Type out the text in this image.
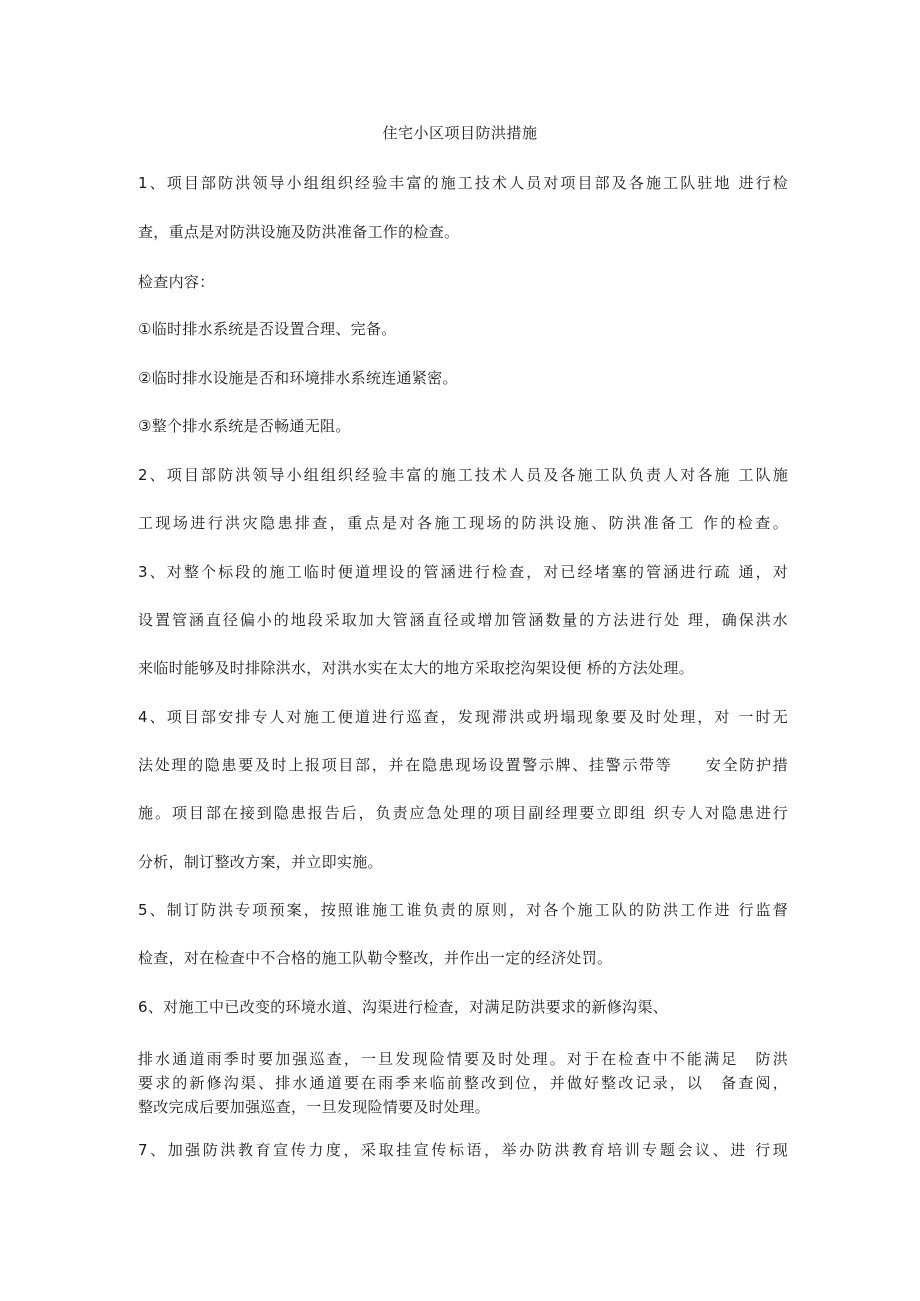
住宅小区项目防洪措施
1、项目部防洪领导小组组织经验丰富的施工技术人员对项目部及各施工队驻地 进行检
查，重点是对防洪设施及防洪准备工作的检查。
检查内容：
①临时排水系统是否设置合理、完备。
②临时排水设施是否和环境排水系统连通紧密。
③整个排水系统是否畅通无阻。
2、项目部防洪领导小组组织经验丰富的施工技术人员及各施工队负责人对各施 工队施
工现场进行洪灾隐患排查，重点是对各施工现场的防洪设施、防洪准备工 作的检查。
3、对整个标段的施工临时便道埋设的管涵进行检查，对已经堵塞的管涵进行疏 通，对
设置管涵直径偏小的地段采取加大管涵直径或增加管涵数量的方法进行处 理，确保洪水
来临时能够及时排除洪水，对洪水实在太大的地方采取挖沟架设便 桥的方法处理。
4、项目部安排专人对施工便道进行巡查，发现滞洪或坍塌现象要及时处理，对 一时无
法处理的隐患要及时上报项目部，并在隐患现场设置警示牌、挂警示带等　　安全防护措
施。项目部在接到隐患报告后，负责应急处理的项目副经理要立即组 织专人对隐患进行
分析，制订整改方案，并立即实施。
5、制订防洪专项预案，按照谁施工谁负责的原则，对各个施工队的防洪工作进 行监督
检查，对在检查中不合格的施工队勒令整改，并作出一定的经济处罚。
6、对施工中已改变的环境水道、沟渠进行检查，对满足防洪要求的新修沟渠、
排水通道雨季时要加强巡查，一旦发现险情要及时处理。对于在检查中不能满足　防洪
要求的新修沟渠、排水通道要在雨季来临前整改到位，并做好整改记录，以　备查阅，
整改完成后要加强巡查，一旦发现险情要及时处理。
7、加强防洪教育宣传力度，采取挂宣传标语，举办防洪教育培训专题会议、进 行现
